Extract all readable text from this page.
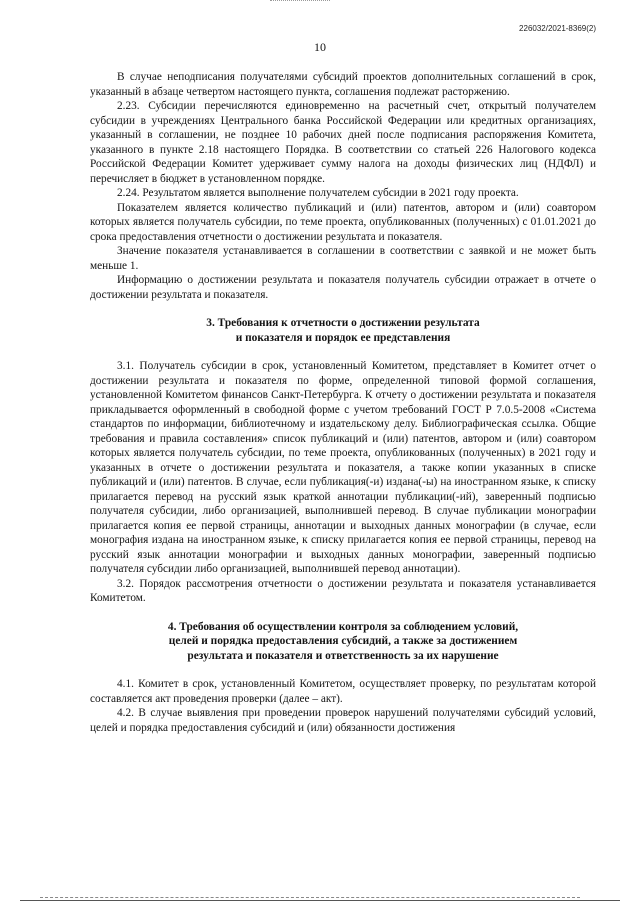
226032/2021-8369(2)
10

В случае неподписания получателями субсидий проектов дополнительных соглашений в срок, указанный в абзаце четвертом настоящего пункта, соглашения подлежат расторжению.

2.23. Субсидии перечисляются единовременно на расчетный счет, открытый получателем субсидии в учреждениях Центрального банка Российской Федерации или кредитных организациях, указанный в соглашении, не позднее 10 рабочих дней после подписания распоряжения Комитета, указанного в пункте 2.18 настоящего Порядка. В соответствии со статьей 226 Налогового кодекса Российской Федерации Комитет удерживает сумму налога на доходы физических лиц (НДФЛ) и перечисляет в бюджет в установленном порядке.

2.24. Результатом является выполнение получателем субсидии в 2021 году проекта.

Показателем является количество публикаций и (или) патентов, автором и (или) соавтором которых является получатель субсидии, по теме проекта, опубликованных (полученных) с 01.01.2021 до срока предоставления отчетности о достижении результата и показателя.

Значение показателя устанавливается в соглашении в соответствии с заявкой и не может быть меньше 1.

Информацию о достижении результата и показателя получатель субсидии отражает в отчете о достижении результата и показателя.

3. Требования к отчетности о достижении результата
и показателя и порядок ее представления

3.1. Получатель субсидии в срок, установленный Комитетом, представляет в Комитет отчет о достижении результата и показателя по форме, определенной типовой формой соглашения, установленной Комитетом финансов Санкт-Петербурга. К отчету о достижении результата и показателя прикладывается оформленный в свободной форме с учетом требований ГОСТ Р 7.0.5-2008 «Система стандартов по информации, библиотечному и издательскому делу. Библиографическая ссылка. Общие требования и правила составления» список публикаций и (или) патентов, автором и (или) соавтором которых является получатель субсидии, по теме проекта, опубликованных (полученных) в 2021 году и указанных в отчете о достижении результата и показателя, а также копии указанных в списке публикаций и (или) патентов. В случае, если публикация(-и) издана(-ы) на иностранном языке, к списку прилагается перевод на русский язык краткой аннотации публикации(-ий), заверенный подписью получателя субсидии, либо организацией, выполнившей перевод. В случае публикации монографии прилагается копия ее первой страницы, аннотации и выходных данных монографии (в случае, если монография издана на иностранном языке, к списку прилагается копия ее первой страницы, перевод на русский язык аннотации монографии и выходных данных монографии, заверенный подписью получателя субсидии либо организацией, выполнившей перевод аннотации).

3.2. Порядок рассмотрения отчетности о достижении результата и показателя устанавливается Комитетом.

4. Требования об осуществлении контроля за соблюдением условий,
целей и порядка предоставления субсидий, а также за достижением
результата и показателя и ответственность за их нарушение

4.1. Комитет в срок, установленный Комитетом, осуществляет проверку, по результатам которой составляется акт проведения проверки (далее – акт).

4.2. В случае выявления при проведении проверок нарушений получателями субсидий условий, целей и порядка предоставления субсидий и (или) обязанности достижения
